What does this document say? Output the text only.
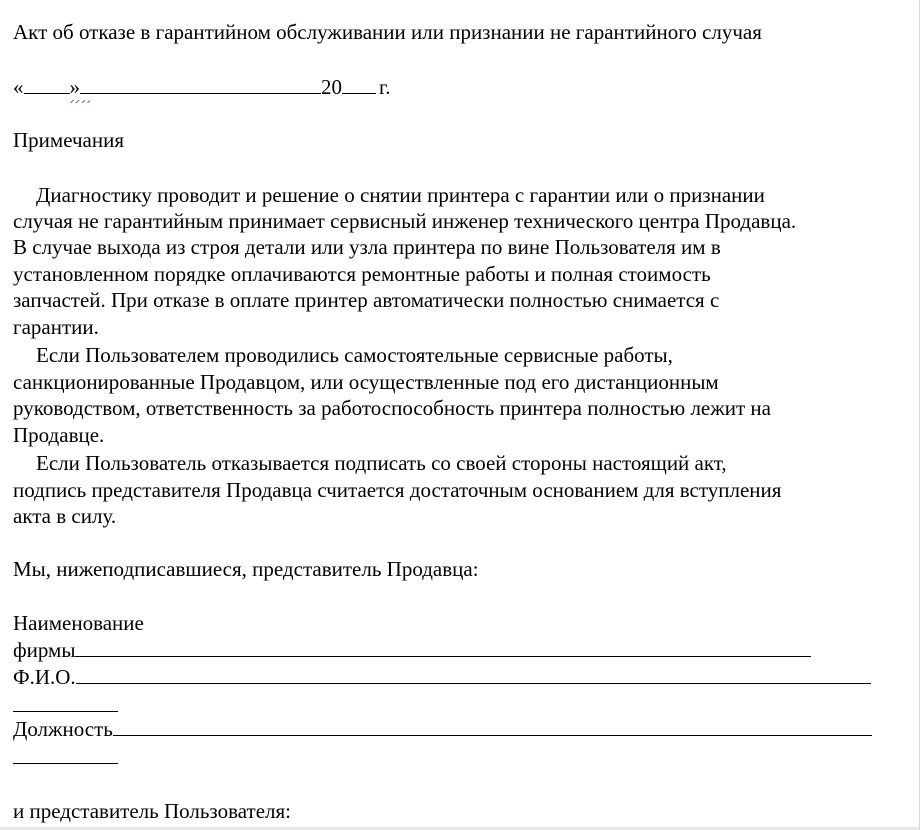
Акт об отказе в гарантийном обслуживании или признании не гарантийного случая
« »	20 г.
Примечания
Диагностику проводит и решение о снятии принтера с гарантии или о признании
случая не гарантийным принимает сервисный инженер технического центра Продавца.
В случае выхода из строя детали или узла принтера по вине Пользователя им в
установленном порядке оплачиваются ремонтные работы и полная стоимость
запчастей. При отказе в оплате принтер автоматически полностью снимается с
гарантии.
Если Пользователем проводились самостоятельные сервисные работы,
санкционированные Продавцом, или осуществленные под его дистанционным
руководством, ответственность за работоспособность принтера полностью лежит на
Продавце.
Если Пользователь отказывается подписать со своей стороны настоящий акт,
подпись представителя Продавца считается достаточным основанием для вступления
акта в силу.
Мы, нижеподписавшиеся, представитель Продавца:
Наименование
фирмы
Ф.И.О.
Должность
и представитель Пользователя:
